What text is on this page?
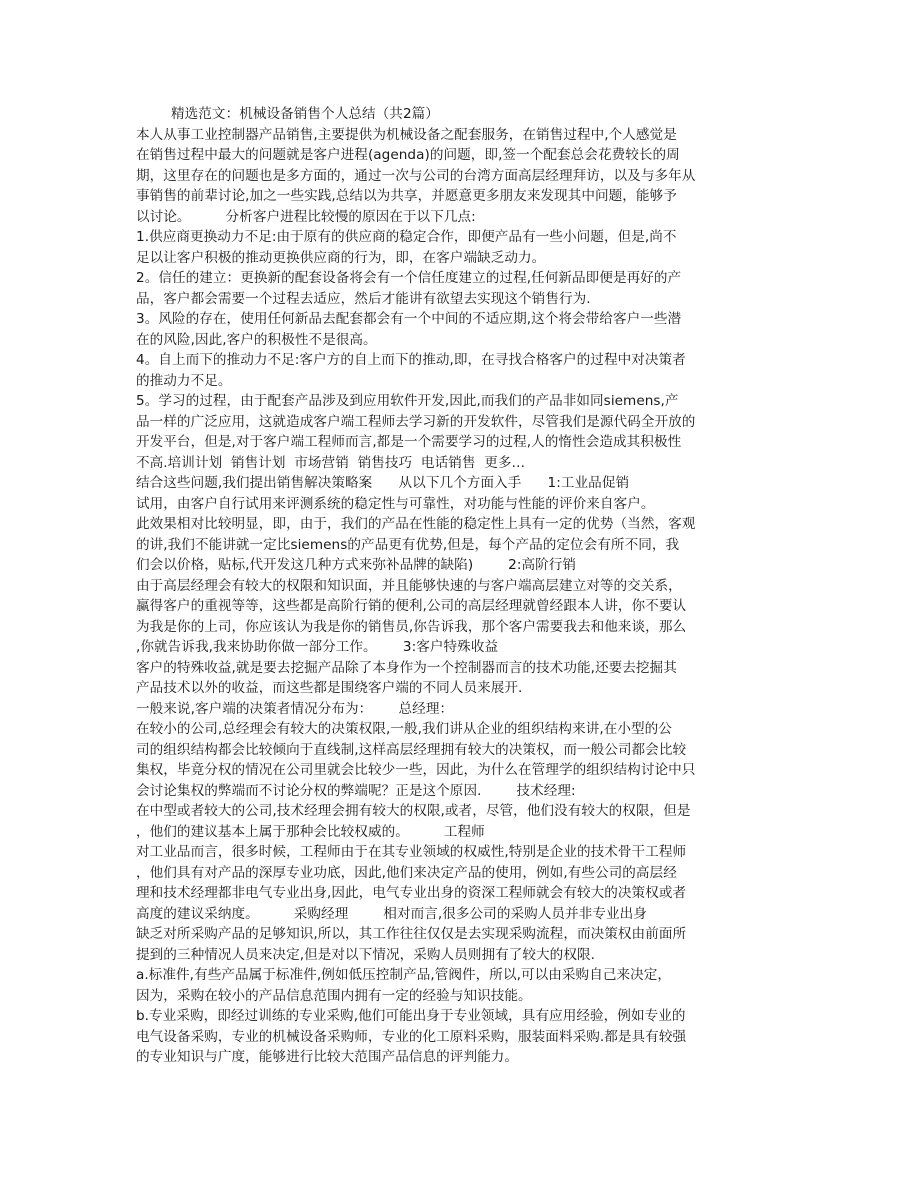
精选范文：机械设备销售个人总结（共2篇）
本人从事工业控制器产品销售,主要提供为机械设备之配套服务，在销售过程中,个人感觉是
在销售过程中最大的问题就是客户进程(agenda)的问题，即,签一个配套总会花费较长的周
期，这里存在的问题也是多方面的，通过一次与公司的台湾方面高层经理拜访，以及与多年从
事销售的前辈讨论,加之一些实践,总结以为共享，并愿意更多朋友来发现其中问题，能够予
以讨论。        分析客户进程比较慢的原因在于以下几点:
1.供应商更换动力不足:由于原有的供应商的稳定合作，即便产品有一些小问题，但是,尚不
足以让客户积极的推动更换供应商的行为，即，在客户端缺乏动力。
2。信任的建立：更换新的配套设备将会有一个信任度建立的过程,任何新品即便是再好的产
品，客户都会需要一个过程去适应，然后才能讲有欲望去实现这个销售行为.
3。风险的存在，使用任何新品去配套都会有一个中间的不适应期,这个将会带给客户一些潜
在的风险,因此,客户的积极性不是很高。
4。自上而下的推动力不足:客户方的自上而下的推动,即，在寻找合格客户的过程中对决策者
的推动力不足。
5。学习的过程，由于配套产品涉及到应用软件开发,因此,而我们的产品非如同siemens,产
品一样的广泛应用，这就造成客户端工程师去学习新的开发软件，尽管我们是源代码全开放的
开发平台，但是,对于客户端工程师而言,都是一个需要学习的过程,人的惰性会造成其积极性
不高.培训计划  销售计划  市场营销  销售技巧  电话销售  更多…
结合这些问题,我们提出销售解决策略案      从以下几个方面入手      1:工业品促销
试用，由客户自行试用来评测系统的稳定性与可靠性，对功能与性能的评价来自客户。
此效果相对比较明显，即，由于，我们的产品在性能的稳定性上具有一定的优势（当然，客观
的讲,我们不能讲就一定比siemens的产品更有优势,但是，每个产品的定位会有所不同，我
们会以价格，贴标,代开发这几种方式来弥补品牌的缺陷)        2:高阶行销
由于高层经理会有较大的权限和知识面，并且能够快速的与客户端高层建立对等的交关系，
赢得客户的重视等等，这些都是高阶行销的便利,公司的高层经理就曾经跟本人讲，你不要认
为我是你的上司，你应该认为我是你的销售员,你告诉我，那个客户需要我去和他来谈，那么
,你就告诉我,我来协助你做一部分工作。      3:客户特殊收益
客户的特殊收益,就是要去挖掘产品除了本身作为一个控制器而言的技术功能,还要去挖掘其
产品技术以外的收益，而这些都是围绕客户端的不同人员来展开.
一般来说,客户端的决策者情况分布为：      总经理：
在较小的公司,总经理会有较大的决策权限,一般,我们讲从企业的组织结构来讲,在小型的公
司的组织结构都会比较倾向于直线制,这样高层经理拥有较大的决策权，而一般公司都会比较
集权，毕竟分权的情况在公司里就会比较少一些，因此，为什么在管理学的组织结构讨论中只
会讨论集权的弊端而不讨论分权的弊端呢？正是这个原因.        技术经理:
在中型或者较大的公司,技术经理会拥有较大的权限,或者，尽管，他们没有较大的权限，但是
，他们的建议基本上属于那种会比较权威的。        工程师
对工业品而言，很多时候，工程师由于在其专业领域的权威性,特别是企业的技术骨干工程师
，他们具有对产品的深厚专业功底，因此,他们来决定产品的使用，例如,有些公司的高层经
理和技术经理都非电气专业出身,因此，电气专业出身的资深工程师就会有较大的决策权或者
高度的建议采纳度。        采购经理        相对而言,很多公司的采购人员并非专业出身
缺乏对所采购产品的足够知识,所以，其工作往往仅仅是去实现采购流程，而决策权由前面所
提到的三种情况人员来决定,但是对以下情况，采购人员则拥有了较大的权限.
a.标准件,有些产品属于标准件,例如低压控制产品,管阀件，所以,可以由采购自己来决定，
因为，采购在较小的产品信息范围内拥有一定的经验与知识技能。
b.专业采购，即经过训练的专业采购,他们可能出身于专业领域，具有应用经验，例如专业的
电气设备采购，专业的机械设备采购师，专业的化工原料采购，服装面料采购.都是具有较强
的专业知识与广度，能够进行比较大范围产品信息的评判能力。
